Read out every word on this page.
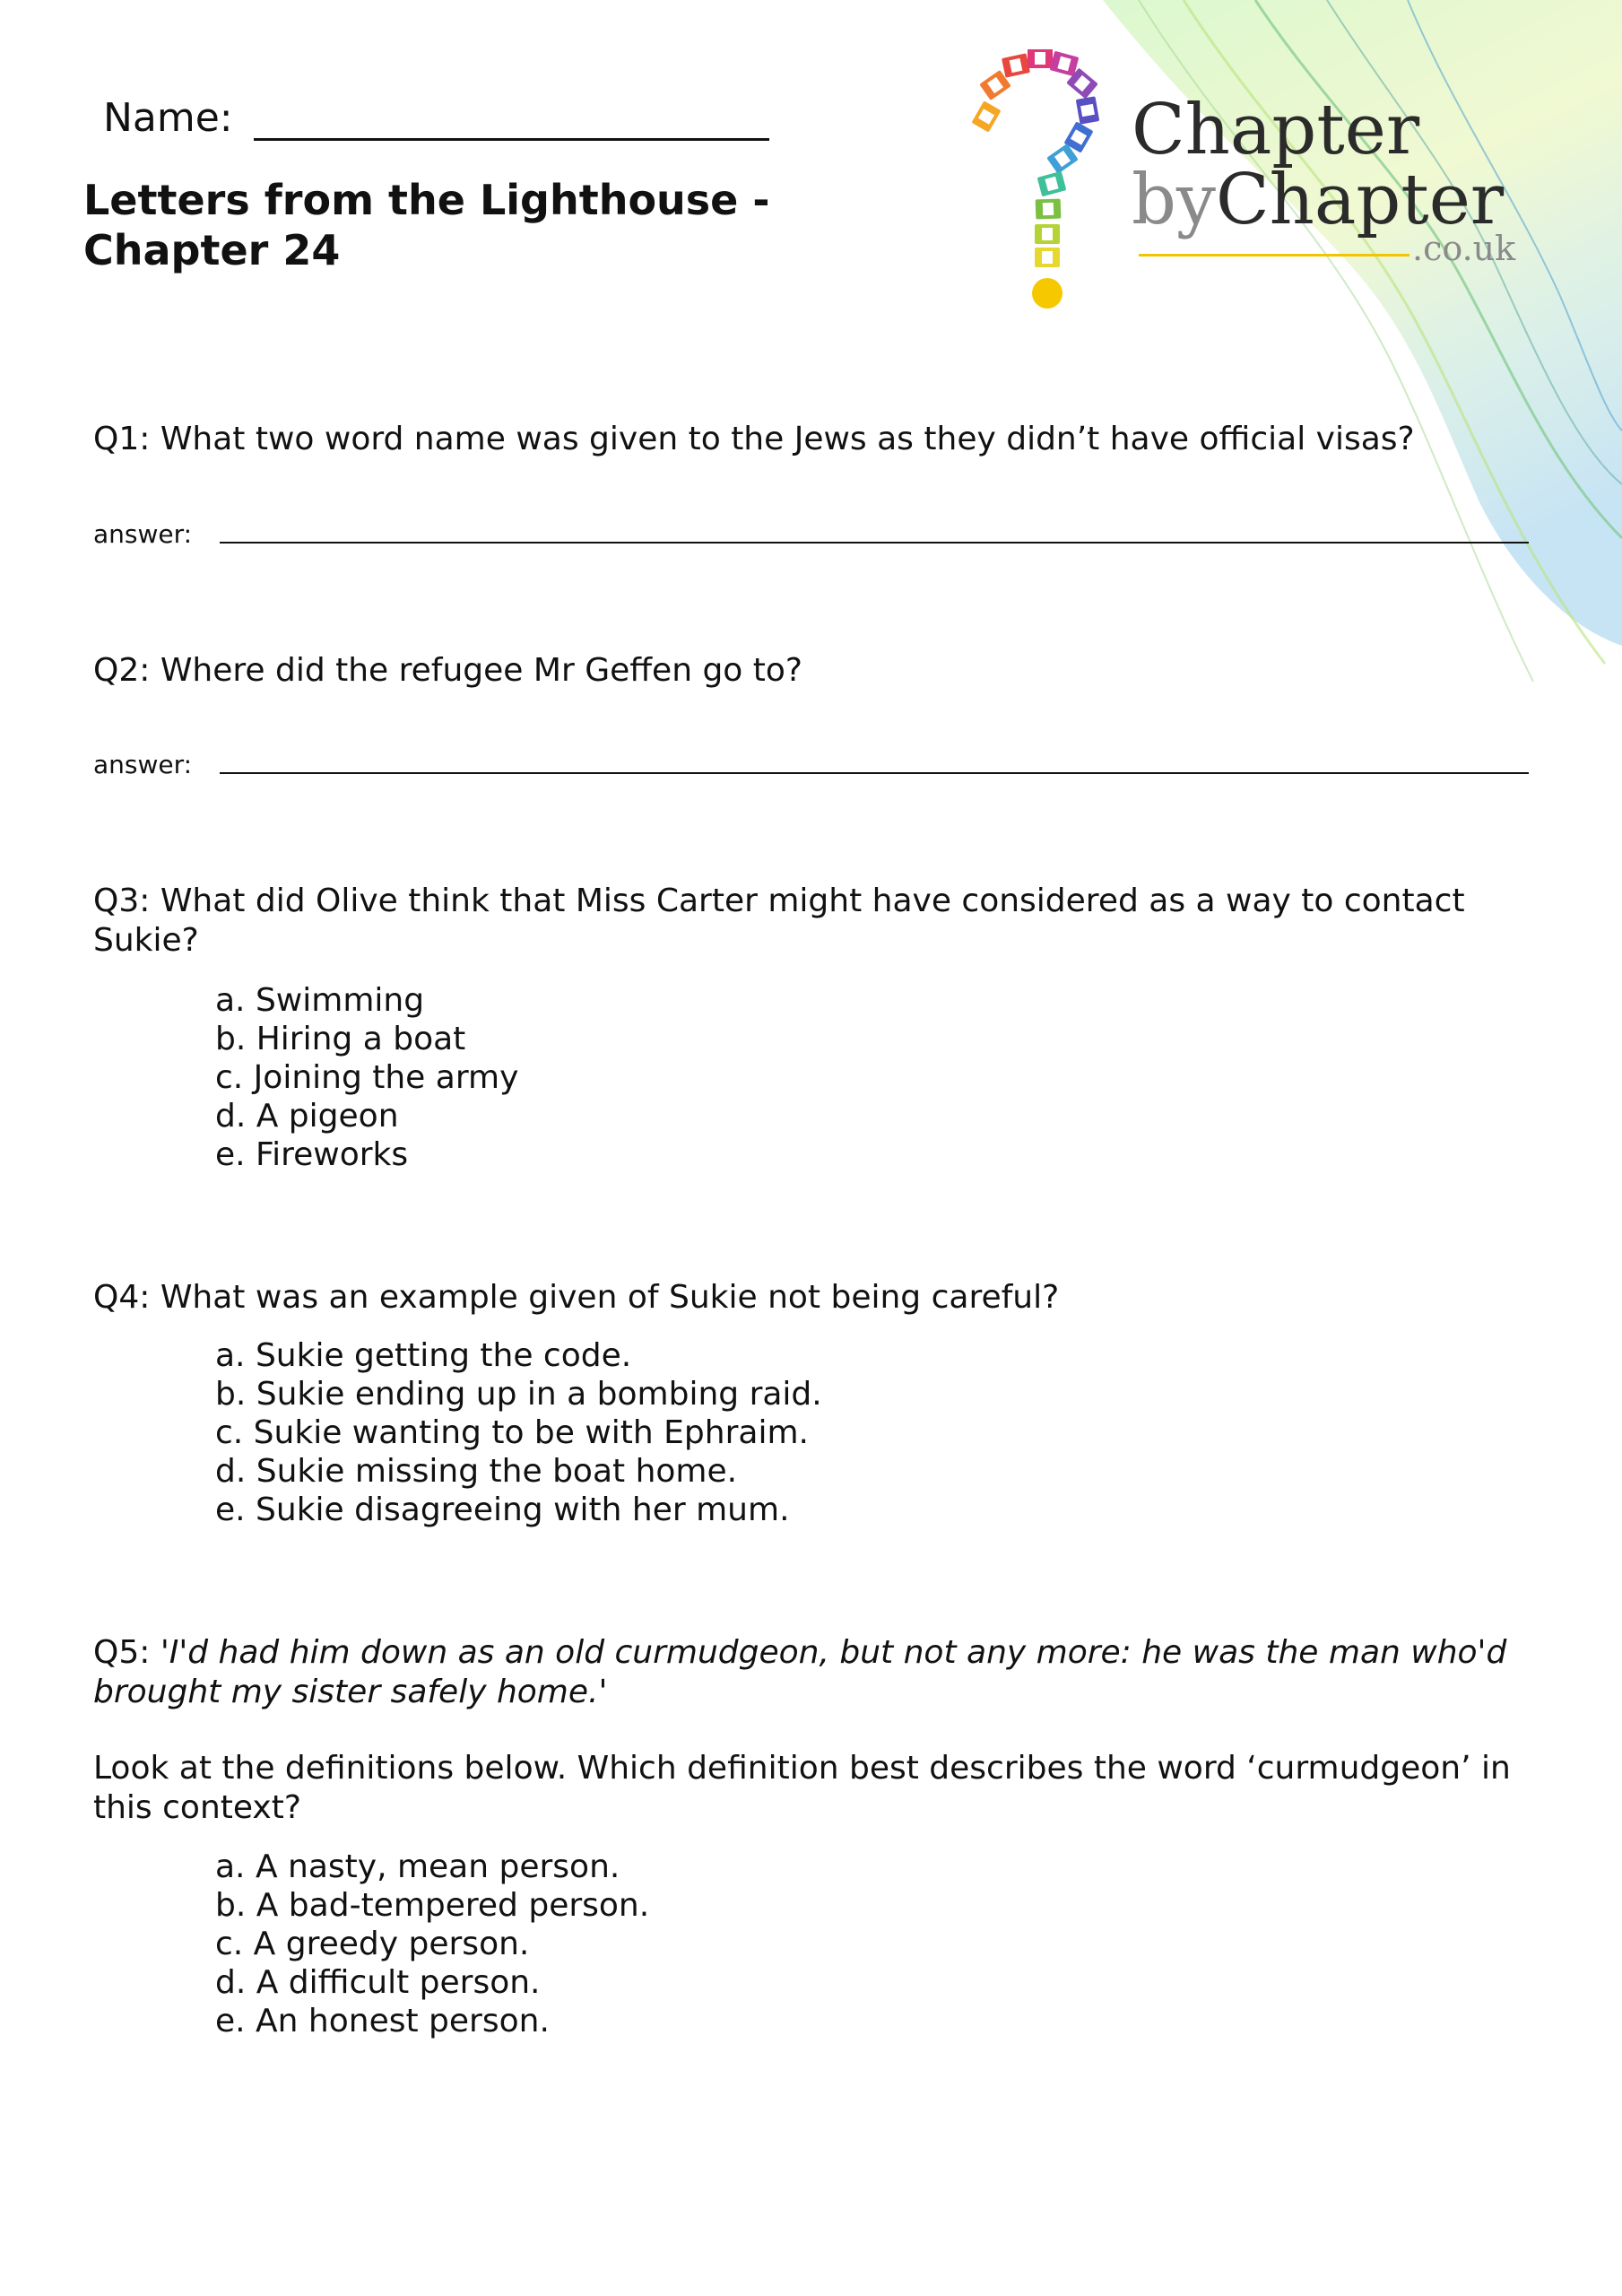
Chapter
byChapter
.co.uk
Name:
Letters from the Lighthouse - Chapter 24
Q1: What two word name was given to the Jews as they didn’t have official visas?
answer:
Q2: Where did the refugee Mr Geffen go to?
answer:
Q3: What did Olive think that Miss Carter might have considered as a way to contact Sukie?
a. Swimming
b. Hiring a boat
c. Joining the army
d. A pigeon
e. Fireworks
Q4: What was an example given of Sukie not being careful?
a. Sukie getting the code.
b. Sukie ending up in a bombing raid.
c. Sukie wanting to be with Ephraim.
d. Sukie missing the boat home.
e. Sukie disagreeing with her mum.
Q5: 'I'd had him down as an old curmudgeon, but not any more: he was the man who'd brought my sister safely home.'
Look at the definitions below. Which definition best describes the word ‘curmudgeon’ in this context?
a. A nasty, mean person.
b. A bad-tempered person.
c. A greedy person.
d. A difficult person.
e. An honest person.
